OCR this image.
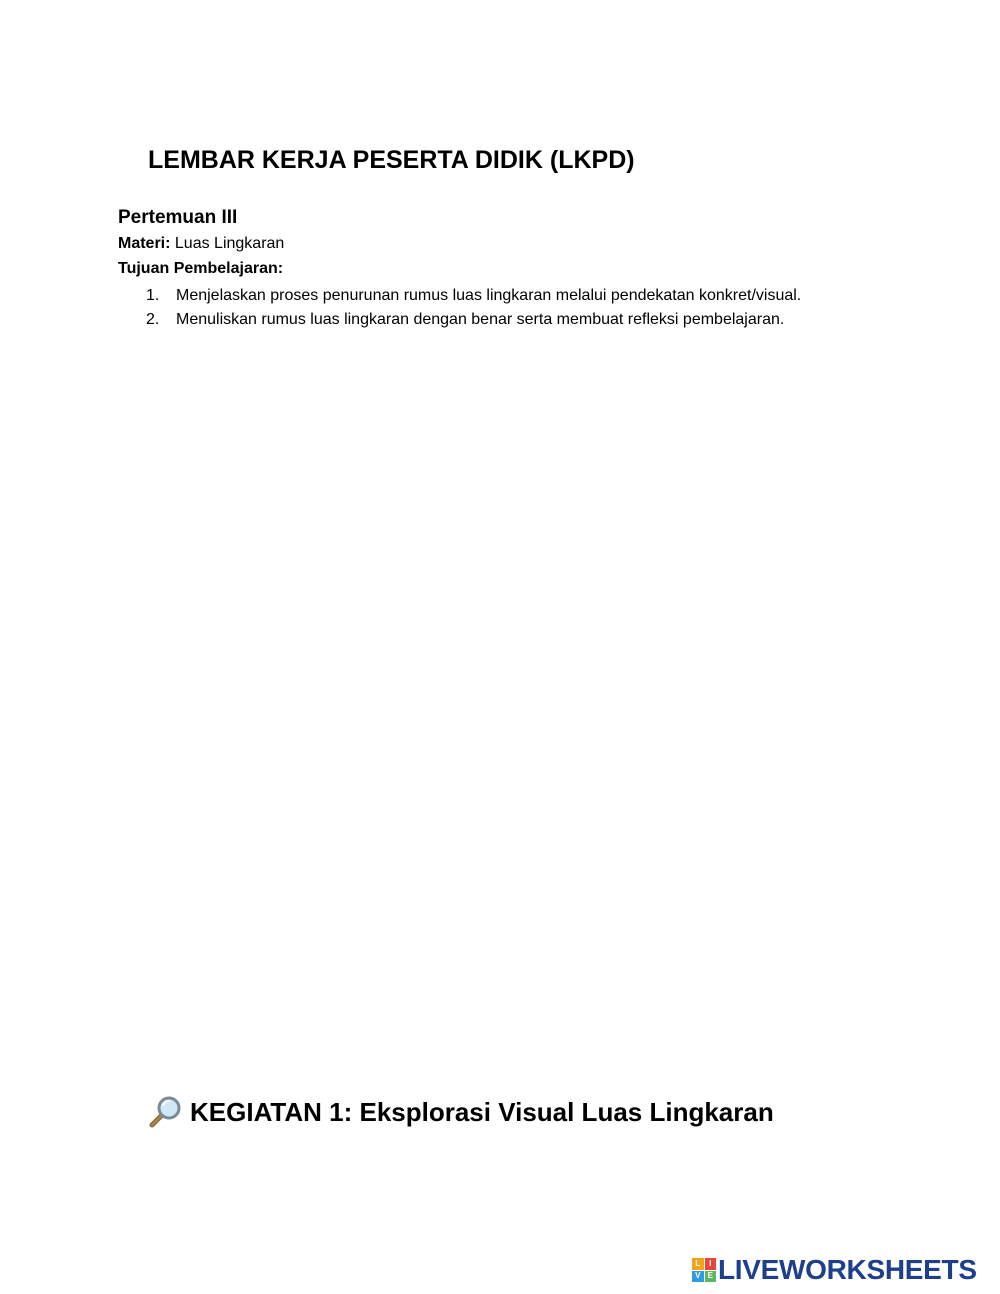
LEMBAR KERJA PESERTA DIDIK (LKPD)
Pertemuan III

Materi: Luas Lingkaran

Tujuan Pembelajaran:

1.	Menjelaskan proses penurunan rumus luas lingkaran melalui pendekatan konkret/visual.
2.	Menuliskan rumus luas lingkaran dengan benar serta membuat refleksi pembelajaran.
KEGIATAN 1: Eksplorasi Visual Luas Lingkaran
L	I
V E LIVEWORKSHEETS
